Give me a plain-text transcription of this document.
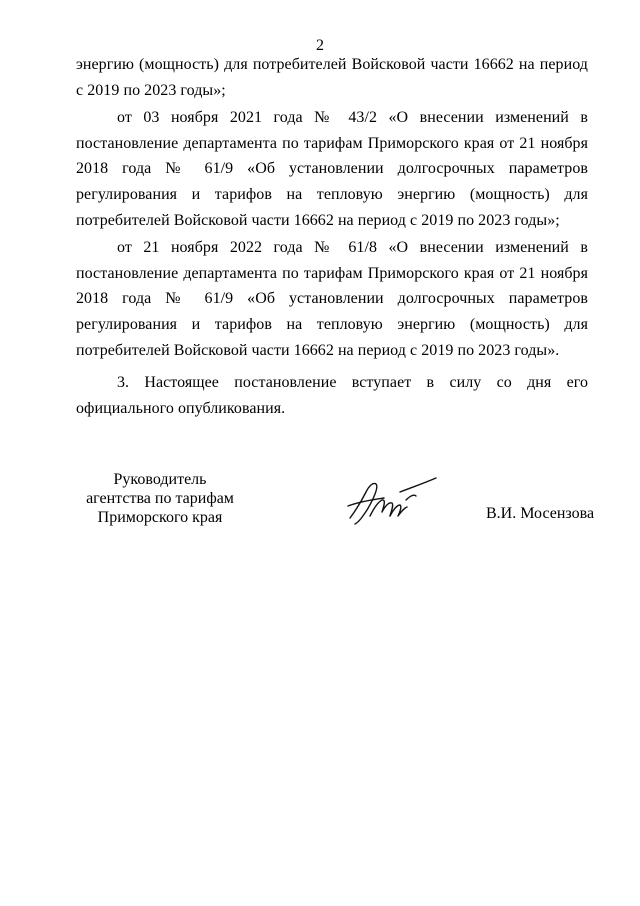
2

энергию (мощность) для потребителей Войсковой части 16662 на период с 2019 по 2023 годы»;

от 03 ноября 2021 года № 43/2 «О внесении изменений в постановление департамента по тарифам Приморского края от 21 ноября 2018 года № 61/9 «Об установлении долгосрочных параметров регулирования и тарифов на тепловую энергию (мощность) для потребителей Войсковой части 16662 на период с 2019 по 2023 годы»;

от 21 ноября 2022 года № 61/8 «О внесении изменений в постановление департамента по тарифам Приморского края от 21 ноября 2018 года № 61/9 «Об установлении долгосрочных параметров регулирования и тарифов на тепловую энергию (мощность) для потребителей Войсковой части 16662 на период с 2019 по 2023 годы».

3. Настоящее постановление вступает в силу со дня его официального опубликования.

Руководитель
агентства по тарифам
Приморского края	В.И. Мосензова
